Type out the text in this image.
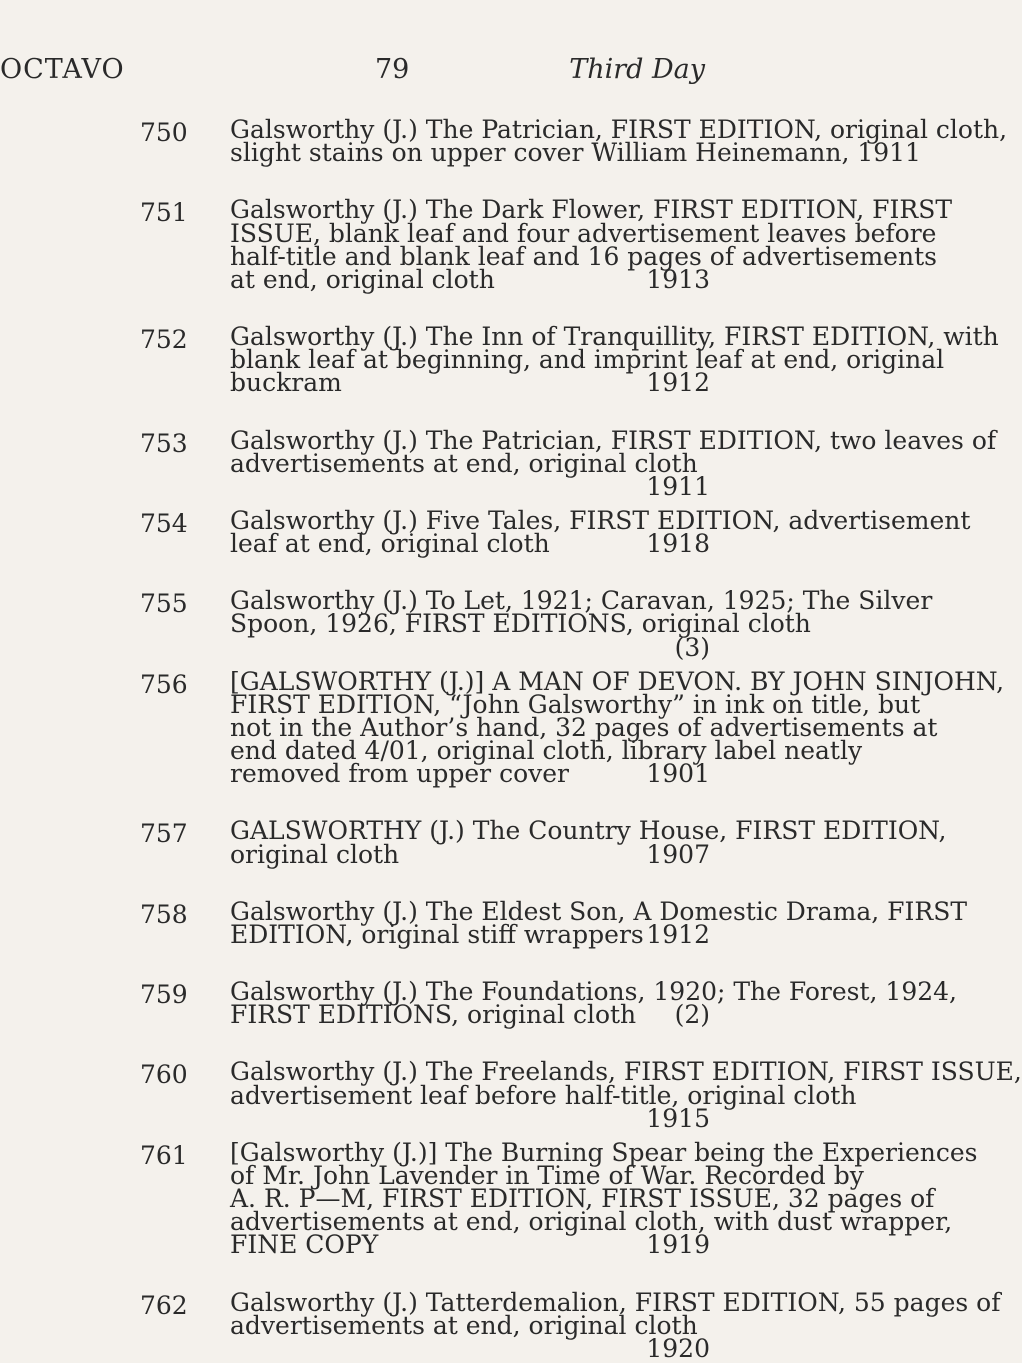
OCTAVO	79	Third Day
750 Galsworthy (J.) The Patrician, FIRST EDITION, original cloth,
slight stains on upper cover William Heinemann, 1911
751 Galsworthy (J.) The Dark Flower, FIRST EDITION, FIRST
ISSUE, blank leaf and four advertisement leaves before
half-title and blank leaf and 16 pages of advertisements
at end, original cloth	1913
752 Galsworthy (J.) The Inn of Tranquillity, FIRST EDITION, with
blank leaf at beginning, and imprint leaf at end, original
buckram	1912
753 Galsworthy (J.) The Patrician, FIRST EDITION, two leaves of
advertisements at end, original cloth
1911
754 Galsworthy (J.) Five Tales, FIRST EDITION, advertisement
leaf at end, original cloth	1918
755 Galsworthy (J.) To Let, 1921; Caravan, 1925; The Silver
Spoon, 1926, FIRST EDITIONS, original cloth
(3)
756 [GALSWORTHY (J.)] A MAN OF DEVON. BY JOHN SINJOHN,
FIRST EDITION, “John Galsworthy” in ink on title, but
not in the Author’s hand, 32 pages of advertisements at
end dated 4/01, original cloth, library label neatly
removed from upper cover	1901
757 GALSWORTHY (J.) The Country House, FIRST EDITION,
original cloth	1907
758 Galsworthy (J.) The Eldest Son, A Domestic Drama, FIRST
EDITION, original stiff wrappers 1912
759 Galsworthy (J.) The Foundations, 1920; The Forest, 1924,
FIRST EDITIONS, original cloth (2)
760 Galsworthy (J.) The Freelands, FIRST EDITION, FIRST ISSUE,
advertisement leaf before half-title, original cloth
1915
761 [Galsworthy (J.)] The Burning Spear being the Experiences
of Mr. John Lavender in Time of War. Recorded by
A. R. P—M, FIRST EDITION, FIRST ISSUE, 32 pages of
advertisements at end, original cloth, with dust wrapper,
FINE COPY	1919
762 Galsworthy (J.) Tatterdemalion, FIRST EDITION, 55 pages of
advertisements at end, original cloth
1920
